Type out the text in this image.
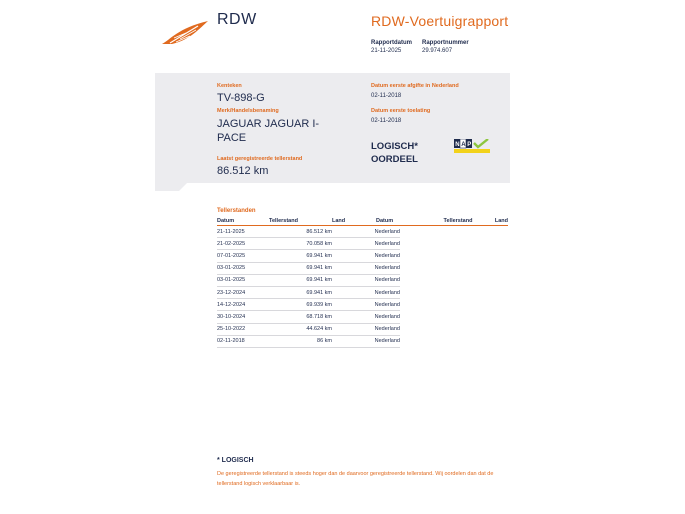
RDW	RDW-Voertuigrapport
Rapportdatum
21-11-2025
Rapportnummer
29.974.607
Kenteken
TV-898-G
Merk/Handelsbenaming
JAGUAR JAGUAR I-
PACE
Laatst geregistreerde tellerstand
86.512 km
Datum eerste afgifte in Nederland
02-11-2018
Datum eerste toelating
02-11-2018
LOGISCH*
OORDEEL
N A P
Tellerstanden
Datum	Tellerstand	Land
21-11-2025	86.512 km	Nederland
21-02-2025	70.058 km	Nederland
07-01-2025	69.941 km	Nederland
03-01-2025	69.941 km	Nederland
03-01-2025	69.941 km	Nederland
23-12-2024	69.941 km	Nederland
14-12-2024	69.939 km	Nederland
30-10-2024	68.718 km	Nederland
25-10-2022	44.624 km	Nederland
02-11-2018	86 km	Nederland
Datum	Tellerstand	Land
* LOGISCH
De geregistreerde tellerstand is steeds hoger dan de daarvoor geregistreerde tellerstand. Wij oordelen dan dat de tellerstand logisch verklaarbaar is.
